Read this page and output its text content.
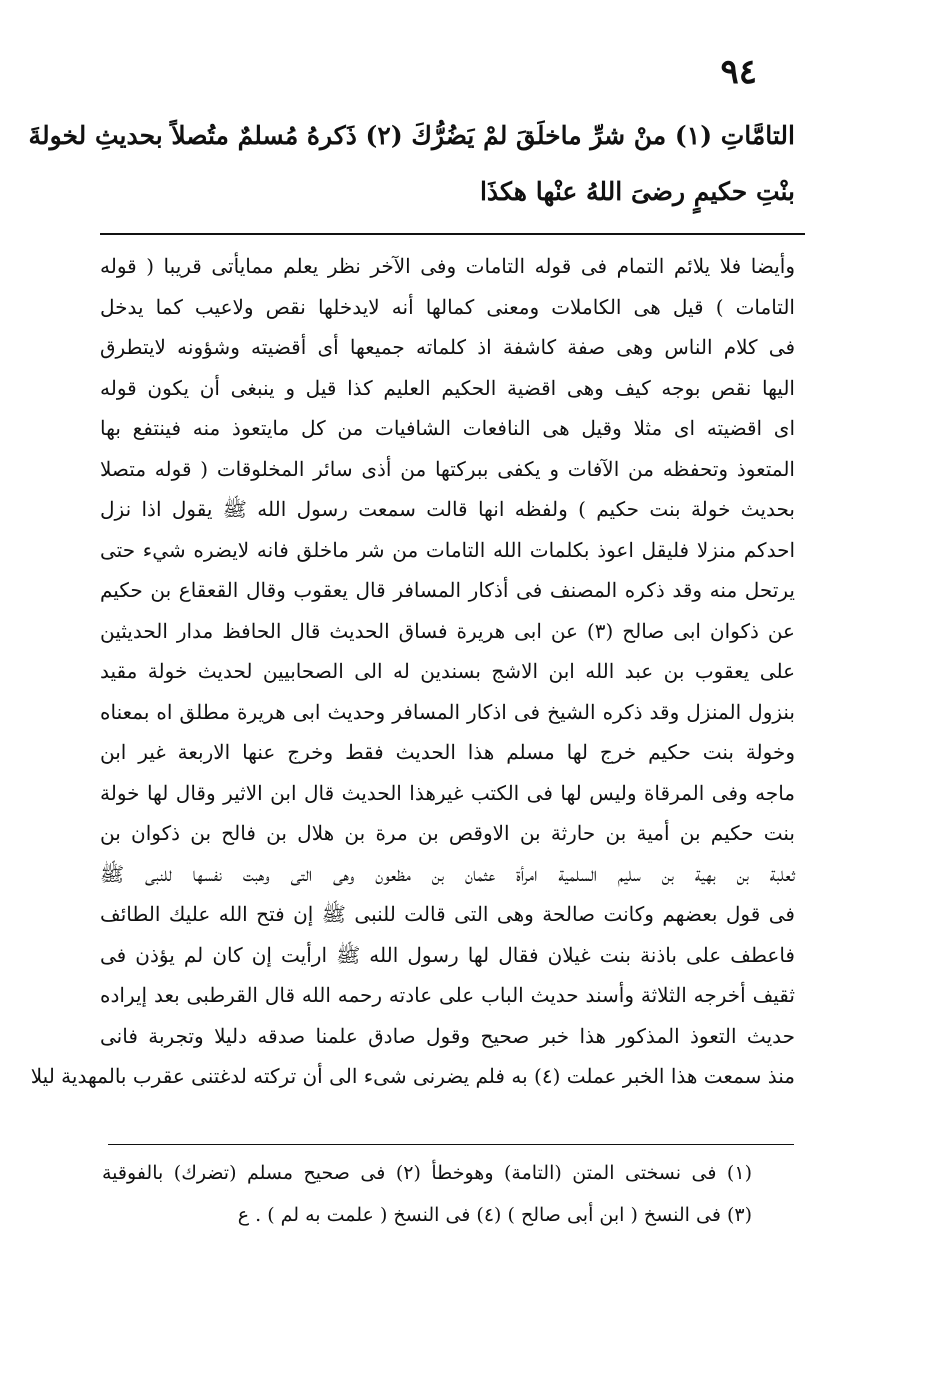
٩٤
التامَّاتِ (١) منْ شرِّ ماخلَقَ لمْ يَضُرُّكَ (٢) ذَكرهُ مُسلمٌ متُصلاً بحديثِ لخولةَ
بنْتِ حكيمٍ رضىَ اللهُ عنْها هكذَا
وأيضا فلا يلائم التمام فى قوله التامات وفى الآخر نظر يعلم ممايأتى قريبا ( قوله
التامات ) قيل هى الكاملات ومعنى كمالها أنه لايدخلها نقص ولاعيب كما يدخل
فى كلام الناس وهى صفة كاشفة اذ كلماته جميعها أى أقضيته وشؤونه لايتطرق
اليها نقص بوجه كيف وهى اقضية الحكيم العليم كذا قيل و ينبغى أن يكون قوله
اى اقضيته اى مثلا وقيل هى النافعات الشافيات من كل مايتعوذ منه فينتفع بها
المتعوذ وتحفظه من الآفات و يكفى ببركتها من أذى سائر المخلوقات ( قوله متصلا
بحديث خولة بنت حكيم ) ولفظه انها قالت سمعت رسول الله ﷺ يقول اذا نزل
احدكم منزلا فليقل اعوذ بكلمات الله التامات من شر ماخلق فانه لايضره شيء حتى
يرتحل منه وقد ذكره المصنف فى أذكار المسافر قال يعقوب وقال القعقاع بن حكيم
عن ذكوان ابى صالح (٣) عن ابى هريرة فساق الحديث قال الحافظ مدار الحديثين
على يعقوب بن عبد الله ابن الاشج بسندين له الى الصحابيين لحديث خولة مقيد
بنزول المنزل وقد ذكره الشيخ فى اذكار المسافر وحديث ابى هريرة مطلق اه بمعناه
وخولة بنت حكيم خرج لها مسلم هذا الحديث فقط وخرج عنها الاربعة غير ابن
ماجه وفى المرقاة وليس لها فى الكتب غيرهذا الحديث قال ابن الاثير وقال لها خولة
بنت حكيم بن أمية بن حارثة بن الاوقص بن مرة بن هلال بن فالح بن ذكوان بن
ثعلبة بن بهية بن سليم السلمية امرأة عثمان بن مظعون وهى التى وهبت نفسها للنبى ﷺ
فى قول بعضهم وكانت صالحة وهى التى قالت للنبى ﷺ إن فتح الله عليك الطائف
فاعطف على باذنة بنت غيلان فقال لها رسول الله ﷺ ارأيت إن كان لم يؤذن فى
ثقيف أخرجه الثلاثة وأسند حديث الباب على عادته رحمه الله قال القرطبى بعد إيراده
حديث التعوذ المذكور هذا خبر صحيح وقول صادق علمنا صدقه دليلا وتجربة فانى
منذ سمعت هذا الخبر عملت (٤) به فلم يضرنى شىء الى أن تركته لدغتنى عقرب بالمهدية ليلا
(١) فى نسختى المتن (التامة) وهوخطأ (٢) فى صحيح مسلم (تضرك) بالفوقية
(٣) فى النسخ ( ابن أبى صالح ) (٤) فى النسخ ( علمت به لم ) . ع
